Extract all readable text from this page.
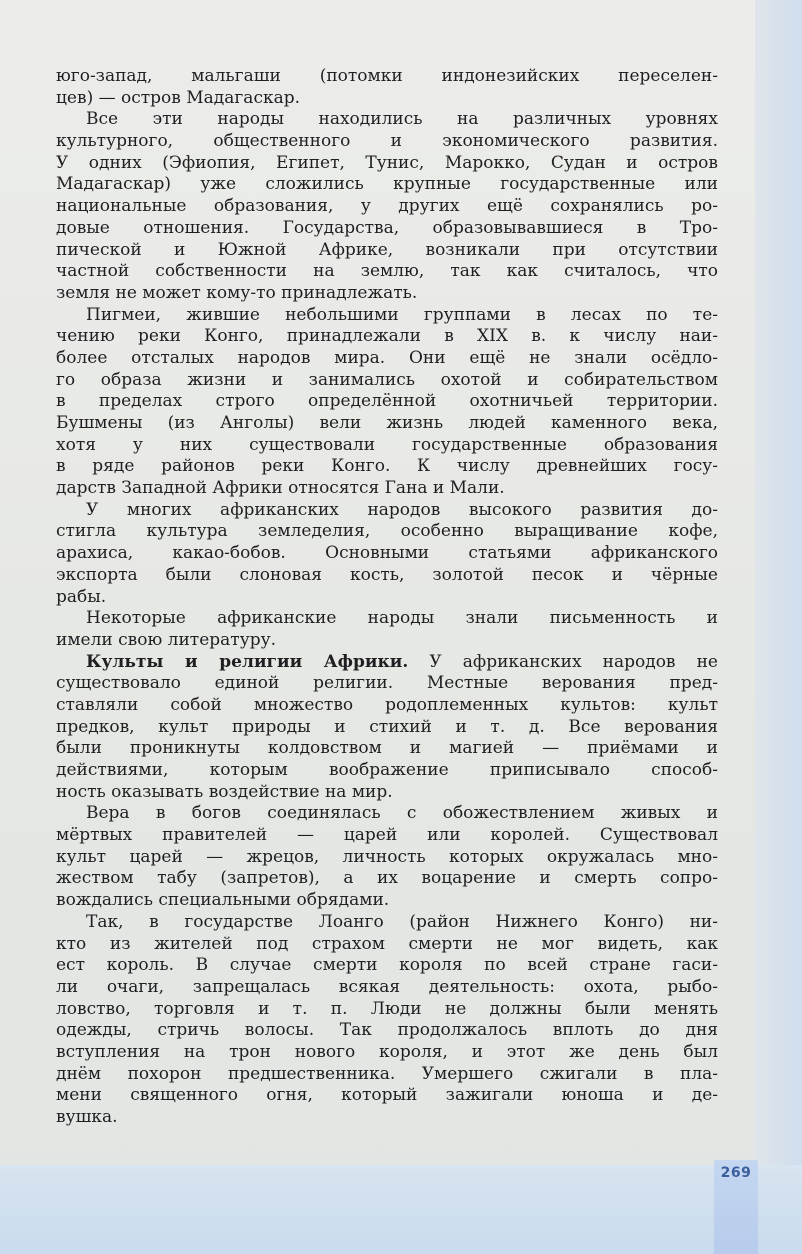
269
юго-запад, мальгаши (потомки индонезийских переселен-
цев) — остров Мадагаскар.
Все эти народы находились на различных уровнях
культурного, общественного и экономического развития.
У одних (Эфиопия, Египет, Тунис, Марокко, Судан и остров
Мадагаскар) уже сложились крупные государственные или
национальные образования, у других ещё сохранялись ро-
довые отношения. Государства, образовывавшиеся в Тро-
пической и Южной Африке, возникали при отсутствии
частной собственности на землю, так как считалось, что
земля не может кому-то принадлежать.
Пигмеи, жившие небольшими группами в лесах по те-
чению реки Конго, принадлежали в XIX в. к числу наи-
более отсталых народов мира. Они ещё не знали осёдло-
го образа жизни и занимались охотой и собирательством
в пределах строго определённой охотничьей территории.
Бушмены (из Анголы) вели жизнь людей каменного века,
хотя у них существовали государственные образования
в ряде районов реки Конго. К числу древнейших госу-
дарств Западной Африки относятся Гана и Мали.
У многих африканских народов высокого развития до-
стигла культура земледелия, особенно выращивание кофе,
арахиса, какао-бобов. Основными статьями африканского
экспорта были слоновая кость, золотой песок и чёрные
рабы.
Некоторые африканские народы знали письменность и
имели свою литературу.
Культы и религии Африки. У африканских народов не
существовало единой религии. Местные верования пред-
ставляли собой множество родоплеменных культов: культ
предков, культ природы и стихий и т. д. Все верования
были проникнуты колдовством и магией — приёмами и
действиями, которым воображение приписывало способ-
ность оказывать воздействие на мир.
Вера в богов соединялась с обожествлением живых и
мёртвых правителей — царей или королей. Существовал
культ царей — жрецов, личность которых окружалась мно-
жеством табу (запретов), а их воцарение и смерть сопро-
вождались специальными обрядами.
Так, в государстве Лоанго (район Нижнего Конго) ни-
кто из жителей под страхом смерти не мог видеть, как
ест король. В случае смерти короля по всей стране гаси-
ли очаги, запрещалась всякая деятельность: охота, рыбо-
ловство, торговля и т. п. Люди не должны были менять
одежды, стричь волосы. Так продолжалось вплоть до дня
вступления на трон нового короля, и этот же день был
днём похорон предшественника. Умершего сжигали в пла-
мени священного огня, который зажигали юноша и де-
вушка.
